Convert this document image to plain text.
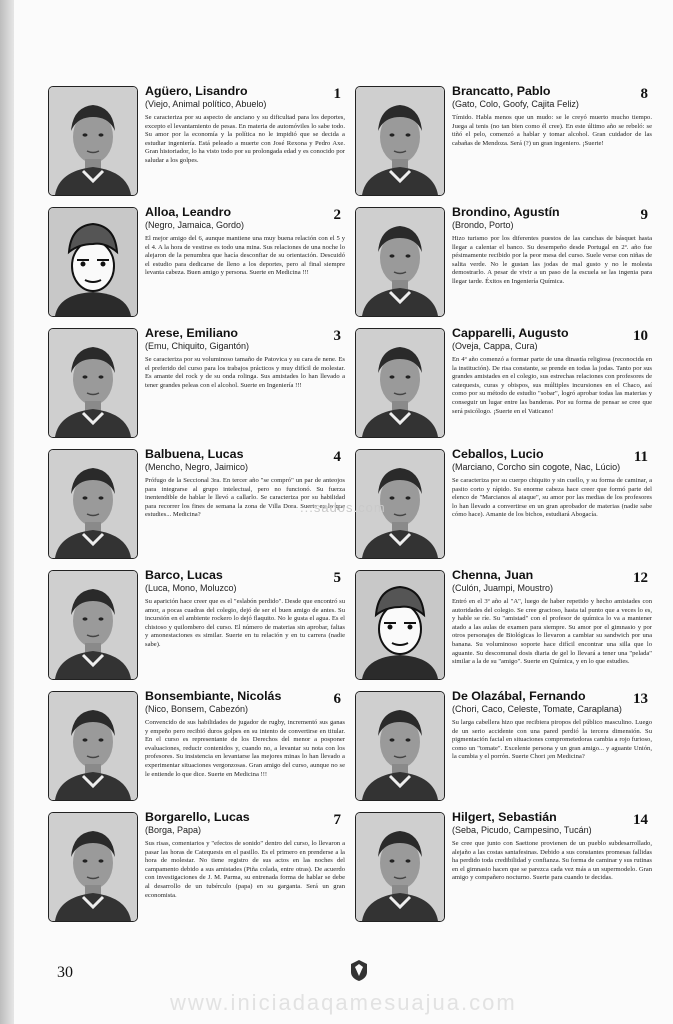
Agüero, Lisandro	1
(Viejo, Animal político, Abuelo)
Se caracteriza por su aspecto de anciano y su dificultad para los deportes, excepto el levantamiento de pesas. En materia de automóviles lo sabe todo. Su amor por la economía y la política no le impidió que se decida a estudiar ingeniería. Está peleado a muerte con José Rexona y Pedro Axe. Gran historiador, lo ha visto todo por su prolongada edad y es conocido por saludar a los golpes.
Alloa, Leandro	2
(Negro, Jamaica, Gordo)
El mejor amigo del 6, aunque mantiene una muy buena relación con el 5 y el 4. A la hora de vestirse es todo una mina. Sus relaciones de una noche lo alejaron de la penumbra que hacía desconfiar de su orientación. Descuidó el estudio para dedicarse de lleno a los deportes, pero al final siempre levanta cabeza. Buen amigo y persona. Suerte en Medicina !!!
Arese, Emiliano	3
(Emu, Chiquito, Gigantón)
Se caracteriza por su voluminoso tamaño de Patovica y su cara de nene. Es el preferido del curso para los trabajos prácticos y muy difícil de molestar. Es amante del rock y de su onda rolinga. Sus amistades lo han llevado a tener grandes peleas con el alcohol. Suerte en Ingeniería !!!
Balbuena, Lucas	4
(Mencho, Negro, Jaimico)
Prófugo de la Seccional 3ra. En tercer año "se compró" un par de anteojos para integrarse al grupo intelectual, pero no funcionó. Su fuerza inentendible de hablar le llevó a callarlo. Se caracteriza por su habilidad para recorrer los fines de semana la zona de Villa Dora. Suerte en lo que estudies... Medicina?
Barco, Lucas	5
(Luca, Mono, Moluzco)
Su aparición hace creer que es el "eslabón perdido". Desde que encontró su amor, a pocas cuadras del colegio, dejó de ser el buen amigo de antes. Su incursión en el ambiente rockero lo dejó flaquito. No le gusta el agua. Es el chistoso y quilombero del curso. El número de materias sin aprobar, faltas y amonestaciones es similar. Suerte en tu relación y en tu carrera (nadie sabe).
Bonsembiante, Nicolás	6
(Nico, Bonsem, Cabezón)
Convencido de sus habilidades de jugador de rugby, incrementó sus ganas y empeño pero recibió duros golpes en su intento de convertirse en titular. En el curso es representante de los Derechos del menor a posponer evaluaciones, reducir contenidos y, cuando no, a levantar su nota con los profesores. Su insistencia en levantarse las mejores minas lo han llevado a experimentar situaciones vergonzosas. Gran amigo del curso, aunque no se le entiende lo que dice. Suerte en Medicina !!!
Borgarello, Lucas	7
(Borga, Papa)
Sus risas, comentarios y "efectos de sonido" dentro del curso, lo llevaron a pasar las horas de Catequesis en el pasillo. Es el primero en prenderse a la hora de molestar. No tiene registro de sus actos en las noches del campamento debido a sus amistades (Piña colada, entre otras). De acuerdo con investigaciones de J. M. Parma, su entrenada forma de hablar se debe al desarrollo de un tubérculo (papa) en su garganta. Será un gran economista.
Brancatto, Pablo	8
(Gato, Colo, Goofy, Cajita Feliz)
Tímido. Habla menos que un mudo: se le creyó muerto mucho tiempo. Juega al tenis (no tan bien como él cree). En este último año se rebeló: se tiñó el pelo, comenzó a hablar y tomar alcohol. Gran cuidador de las cabañas de Mendoza. Será (?) un gran ingeniero. ¡Suerte!
Brondino, Agustín	9
(Brondo, Porto)
Hizo turismo por los diferentes puestos de las canchas de básquet hasta llegar a calentar el banco. Su desempeño desde Portugal en 2º. año fue pésimamente recibido por la peor mesa del curso. Suele verse con niñas de salita verde. No le gustan las jodas de mal gusto y no le molesta demostrarlo. A pesar de vivir a un paso de la escuela se las ingenia para llegar tarde. Éxitos en Ingeniería Química.
Capparelli, Augusto	10
(Oveja, Cappa, Cura)
En 4º año comenzó a formar parte de una dinastía religiosa (reconocida en la institución). De risa constante, se prende en todas la jodas. Tanto por sus grandes amistades en el colegio, sus estrechas relaciones con profesores de catequesis, curas y obispos, sus múltiples incursiones en el Chaco, así como por su método de estudio "sobar", logró aprobar todas las materias y conseguir un lugar entre las banderas. Por su forma de pensar se cree que será psicólogo. ¡Suerte en el Vaticano!
Ceballos, Lucio	11
(Marciano, Corcho sin cogote, Nac, Lúcio)
Se caracteriza por su cuerpo chiquito y sin cuello, y su forma de caminar, a pasito corto y rápido. Su enorme cabeza hace creer que formó parte del elenco de "Marcianos al ataque", su amor por las medias de los profesores lo han llevado a convertirse en un gran aprobador de materias (nadie sabe cómo hace). Amante de los bichos, estudiará Abogacía.
Chenna, Juan	12
(Culón, Juampi, Moustro)
Entró en el 3º año al "A", luego de haber repetido y hecho amistades con autoridades del colegio. Se cree gracioso, hasta tal punto que a veces lo es, y hable se ríe. Su "amistad" con el profesor de química lo va a mantener atado a las aulas de examen para siempre. Su amor por el gimnasio y por otros personajes de Biológicas lo llevaron a cambiar su sandwich por una banana. Su voluminoso soporte hace difícil encontrar una silla que lo aguante. Su descomunal dosis diaria de gel lo llevará a tener una "pelada" similar a la de su "amigo". Suerte en Química, y en lo que estudies.
De Olazábal, Fernando	13
(Chori, Caco, Celeste, Tomate, Caraplana)
Su larga cabellera hizo que recibiera piropos del público masculino. Luego de un serio accidente con una pared perdió la tercera dimensión. Su pigmentación facial en situaciones comprometedoras cambia a rojo furioso, como un "tomate". Excelente persona y un gran amigo... y aguante Unión, la cumbia y el porrón. Suerte Chori ¡en Medicina?
Hilgert, Sebastián	14
(Seba, Picudo, Campesino, Tucán)
Se cree que junto con Saettone provienen de un pueblo subdesarrollado, alejaño a las costas santafesinas. Debido a sus constantes promesas fallidas ha perdido toda credibilidad y confianza. Su forma de caminar y sus rutinas en el gimnasio hacen que se parezca cada vez más a un supermodelo. Gran amigo y compañero nocturno. Suerte para cuando te decidas.
...sados.com
www.iniciadaqamesuajua.com
30
